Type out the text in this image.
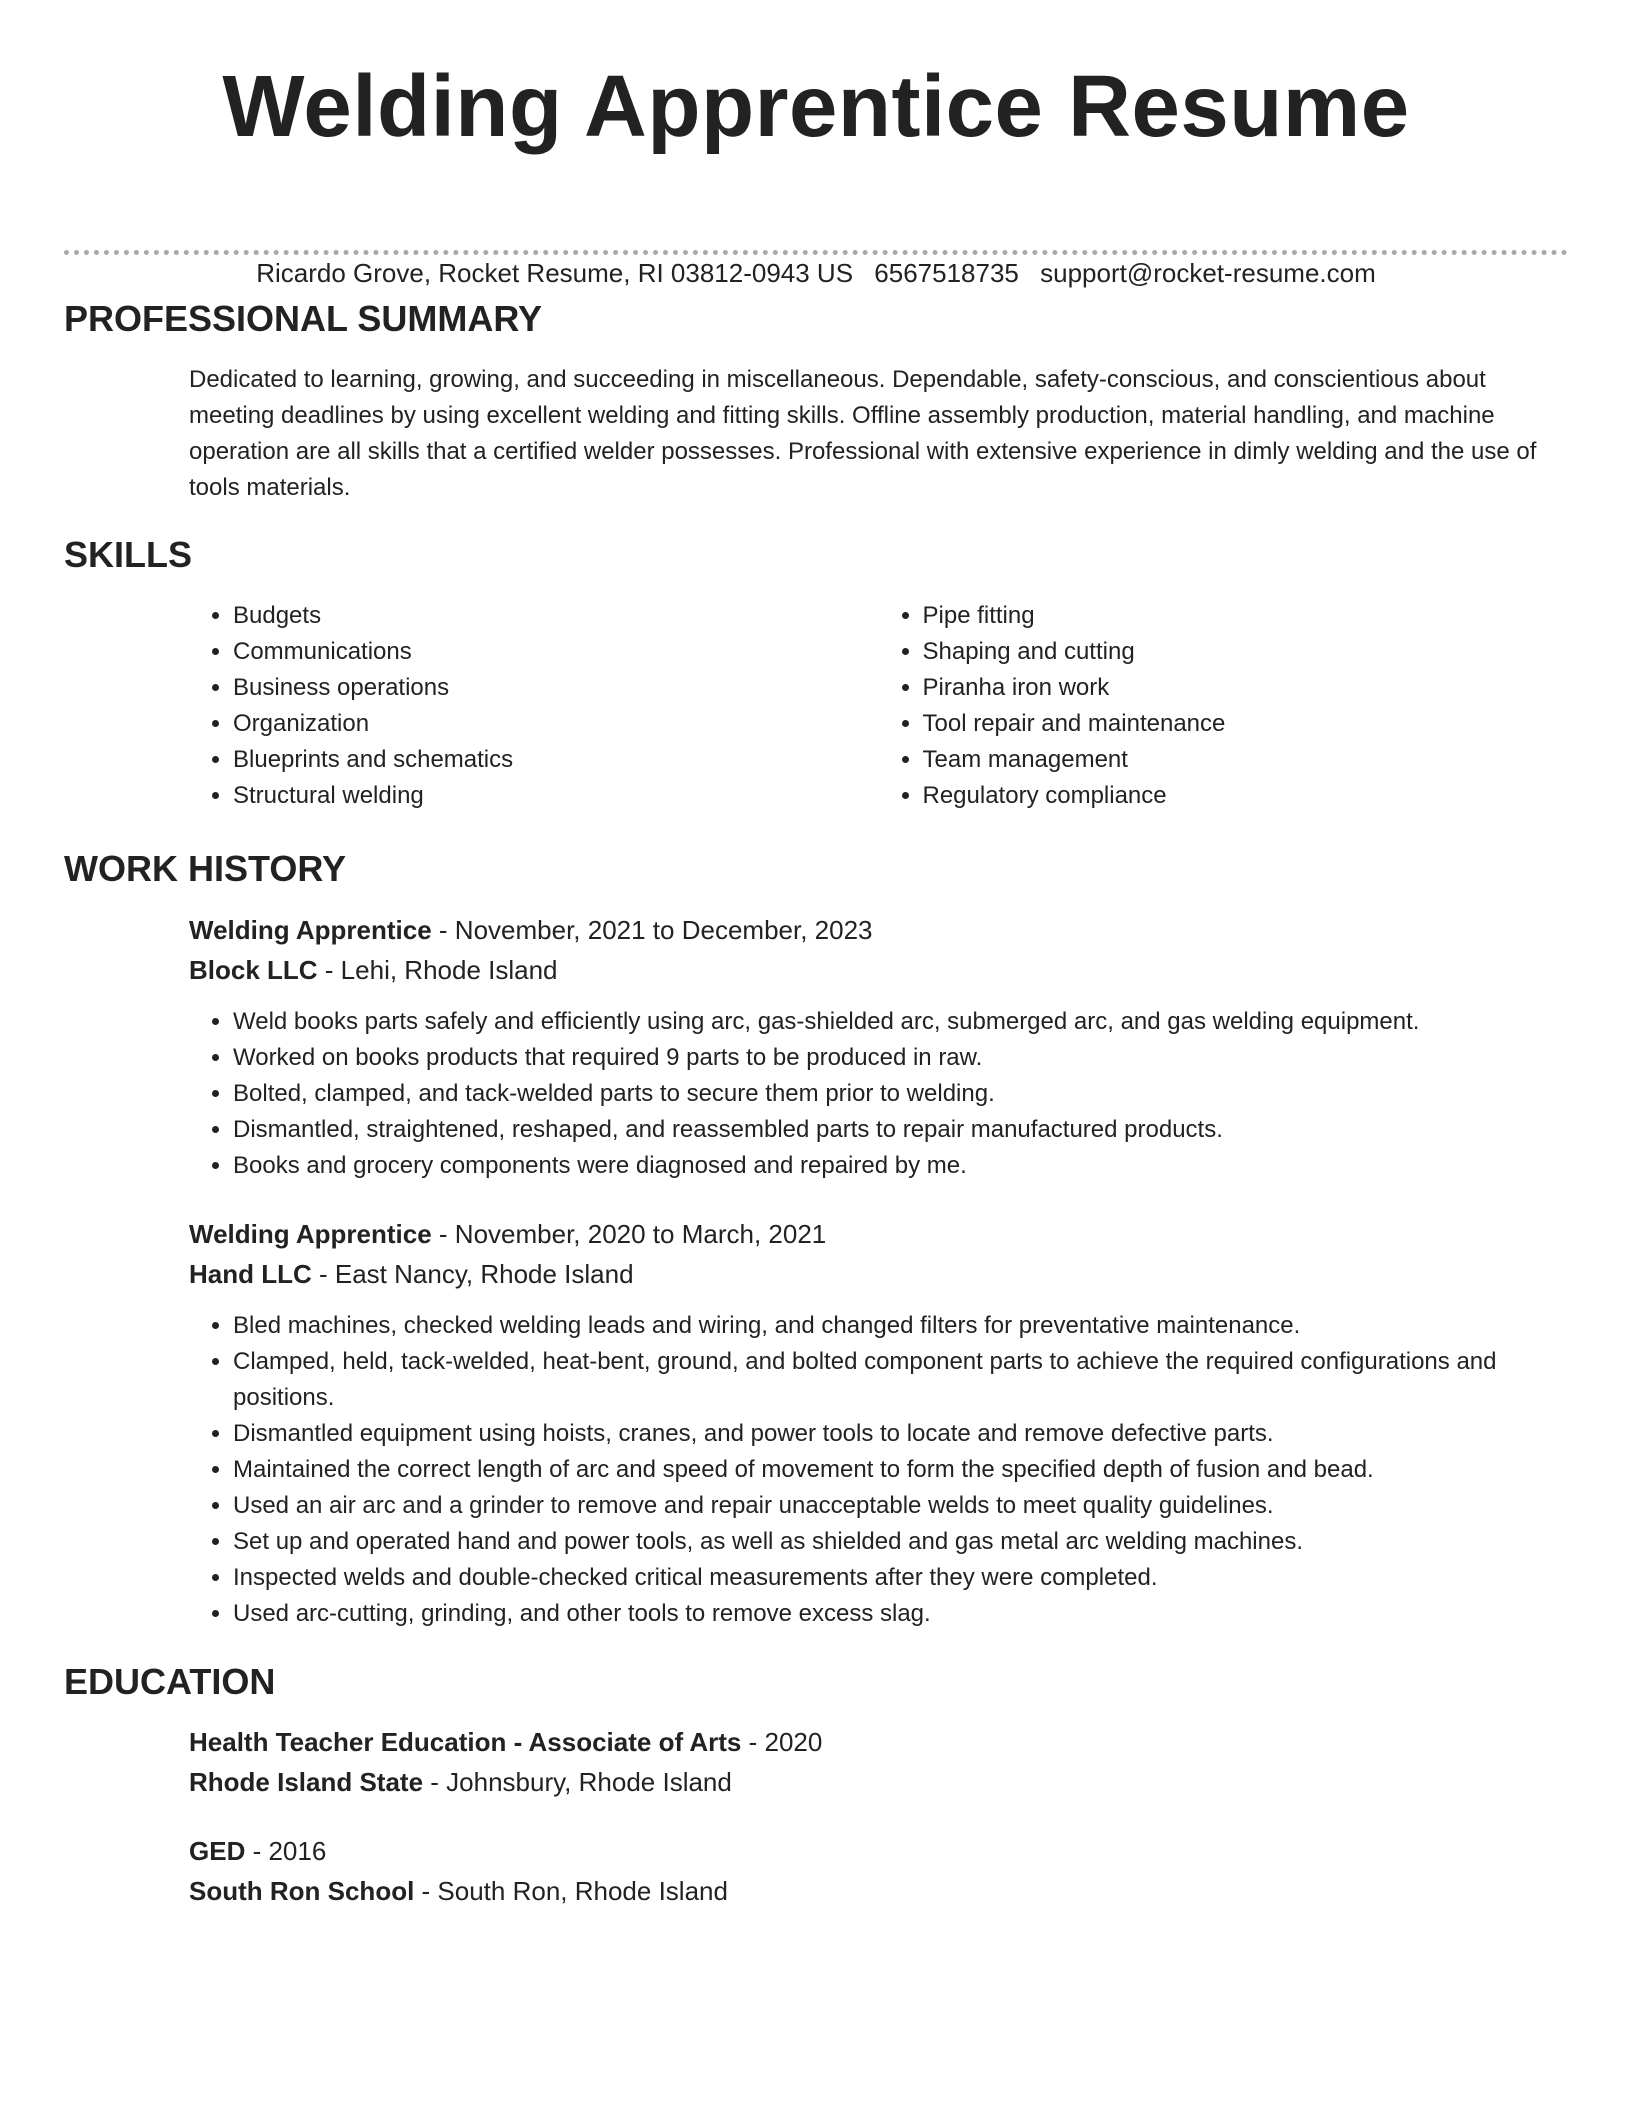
Welding Apprentice Resume
Ricardo Grove, Rocket Resume, RI 03812-0943 US 6567518735 support@rocket-resume.com
PROFESSIONAL SUMMARY

Dedicated to learning, growing, and succeeding in miscellaneous. Dependable, safety-conscious, and conscientious about meeting deadlines by using excellent welding and fitting skills. Offline assembly production, material handling, and machine operation are all skills that a certified welder possesses. Professional with extensive experience in dimly welding and the use of tools materials.

SKILLS
• Budgets
• Communications
• Business operations
• Organization
• Blueprints and schematics
• Structural welding
• Pipe fitting
• Shaping and cutting
• Piranha iron work
• Tool repair and maintenance
• Team management
• Regulatory compliance
WORK HISTORY
Welding Apprentice - November, 2021 to December, 2023
Block LLC - Lehi, Rhode Island
• Weld books parts safely and efficiently using arc, gas-shielded arc, submerged arc, and gas welding equipment.
• Worked on books products that required 9 parts to be produced in raw.
• Bolted, clamped, and tack-welded parts to secure them prior to welding.
• Dismantled, straightened, reshaped, and reassembled parts to repair manufactured products.
• Books and grocery components were diagnosed and repaired by me.
Welding Apprentice - November, 2020 to March, 2021
Hand LLC - East Nancy, Rhode Island
• Bled machines, checked welding leads and wiring, and changed filters for preventative maintenance.
• Clamped, held, tack-welded, heat-bent, ground, and bolted component parts to achieve the required configurations and positions.
• Dismantled equipment using hoists, cranes, and power tools to locate and remove defective parts.
• Maintained the correct length of arc and speed of movement to form the specified depth of fusion and bead.
• Used an air arc and a grinder to remove and repair unacceptable welds to meet quality guidelines.
• Set up and operated hand and power tools, as well as shielded and gas metal arc welding machines.
• Inspected welds and double-checked critical measurements after they were completed.
• Used arc-cutting, grinding, and other tools to remove excess slag.
EDUCATION
Health Teacher Education - Associate of Arts - 2020
Rhode Island State - Johnsbury, Rhode Island
GED - 2016
South Ron School - South Ron, Rhode Island
